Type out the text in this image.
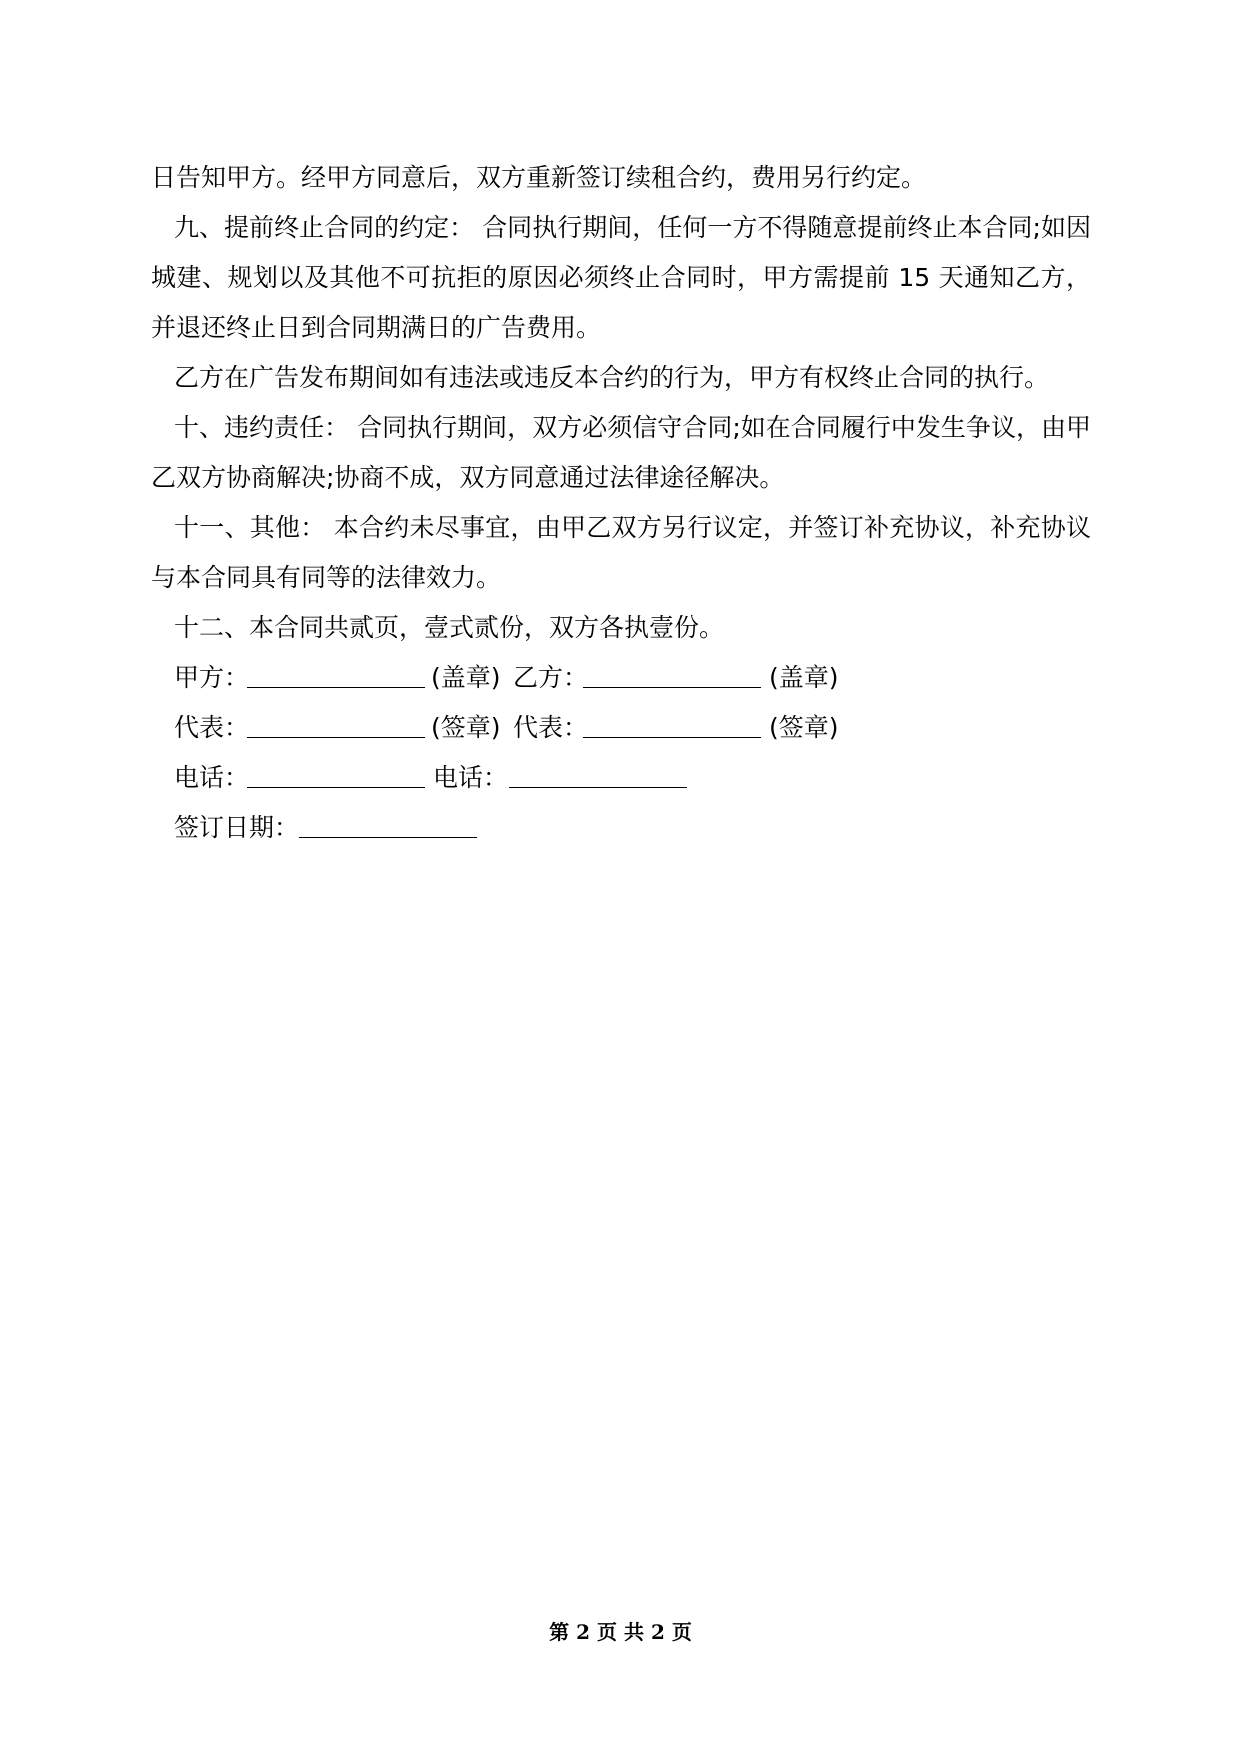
日告知甲方。经甲方同意后，双方重新签订续租合约，费用另行约定。

九、提前终止合同的约定： 合同执行期间，任何一方不得随意提前终止本合同;如因城建、规划以及其他不可抗拒的原因必须终止合同时，甲方需提前 15 天通知乙方，并退还终止日到合同期满日的广告费用。

乙方在广告发布期间如有违法或违反本合约的行为，甲方有权终止合同的执行。

十、违约责任： 合同执行期间，双方必须信守合同;如在合同履行中发生争议，由甲乙双方协商解决;协商不成，双方同意通过法律途径解决。

十一、其他： 本合约未尽事宜，由甲乙双方另行议定，并签订补充协议，补充协议与本合同具有同等的法律效力。

十二、本合同共贰页，壹式贰份，双方各执壹份。

甲方：	(盖章) 乙方：	(盖章)
代表：	(签章) 代表：	(签章)
电话：	电话：
签订日期：
第 2 页 共 2 页
